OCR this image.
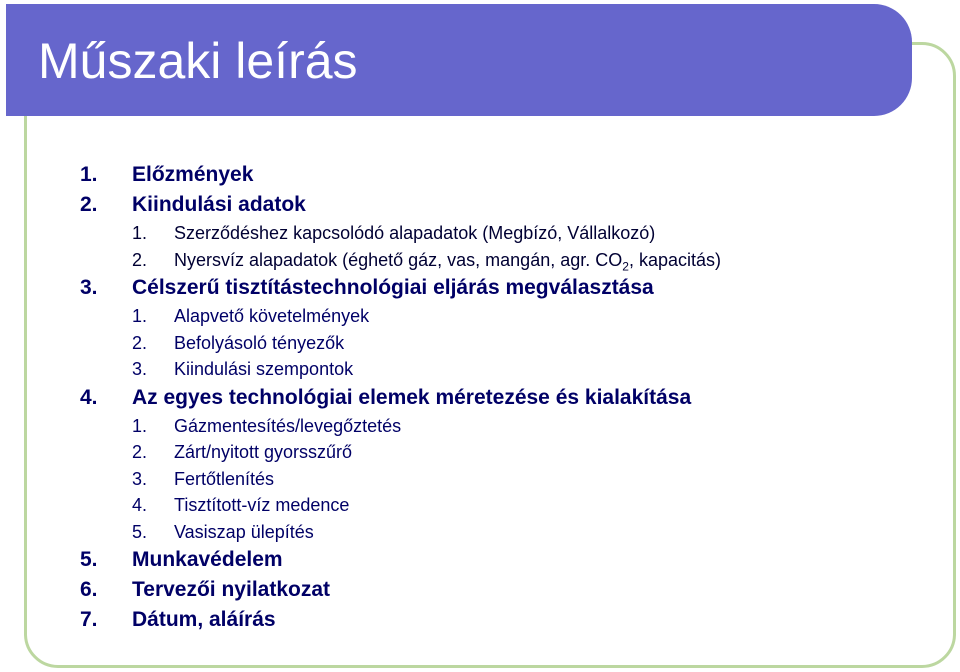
Műszaki leírás
1.	Előzmények
2.	Kiindulási adatok
1. Szerződéshez kapcsolódó alapadatok (Megbízó, Vállalkozó)
2. Nyersvíz alapadatok (éghető gáz, vas, mangán, agr. $CO_2$, kapacitás)
3.	Célszerű tisztítástechnológiai eljárás megválasztása
1. Alapvető követelmények
2. Befolyásoló tényezők
3. Kiindulási szempontok
4.	Az egyes technológiai elemek méretezése és kialakítása
1. Gázmentesítés/levegőztetés
2. Zárt/nyitott gyorsszűrő
3. Fertőtlenítés
4. Tisztított-víz medence
5. Vasiszap ülepítés
5.	Munkavédelem
6.	Tervezői nyilatkozat
7.	Dátum, aláírás
